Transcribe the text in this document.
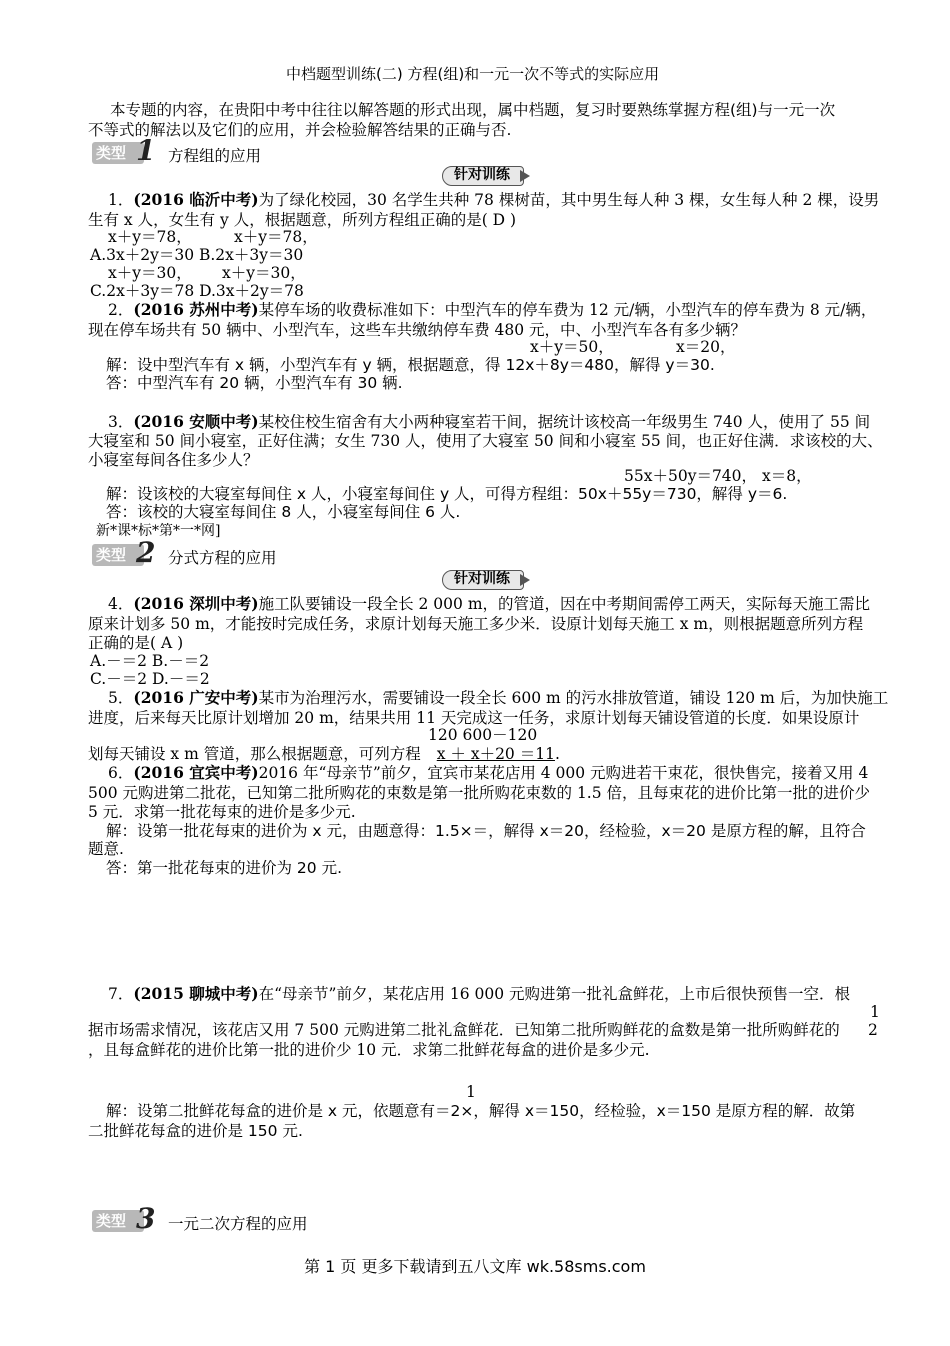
中档题型训练(二) 方程(组)和一元一次不等式的实际应用
本专题的内容，在贵阳中考中往往以解答题的形式出现，属中档题，复习时要熟练掌握方程(组)与一元一次
不等式的解法以及它们的应用，并会检验解答结果的正确与否.
类型 1 方程组的应用
针对训练
1．(2016 临沂中考)为了绿化校园，30 名学生共种 78 棵树苗，其中男生每人种 3 棵，女生每人种 2 棵，设男
生有 x 人，女生有 y 人，根据题意，所列方程组正确的是( D )
x＋y＝78，	x＋y＝78，
A.3x＋2y＝30 B.2x＋3y＝30
x＋y＝30， x＋y＝30，
C.2x＋3y＝78 D.3x＋2y＝78
2．(2016 苏州中考)某停车场的收费标准如下：中型汽车的停车费为 12 元/辆，小型汽车的停车费为 8 元/辆，
现在停车场共有 50 辆中、小型汽车，这些车共缴纳停车费 480 元，中、小型汽车各有多少辆？
x＋y＝50，	x＝20，
解：设中型汽车有 x 辆，小型汽车有 y 辆，根据题意，得 12x＋8y＝480，解得 y＝30.
答：中型汽车有 20 辆，小型汽车有 30 辆.
3．(2016 安顺中考)某校住校生宿舍有大小两种寝室若干间，据统计该校高一年级男生 740 人，使用了 55 间
大寝室和 50 间小寝室，正好住满；女生 730 人，使用了大寝室 50 间和小寝室 55 间，也正好住满．求该校的大、
小寝室每间各住多少人？
55x＋50y＝740， x＝8，
解：设该校的大寝室每间住 x 人，小寝室每间住 y 人，可得方程组：50x＋55y＝730，解得 y＝6.
答：该校的大寝室每间住 8 人，小寝室每间住 6 人.
新*课*标*第*一*网]
类型 2 分式方程的应用
针对训练
4．(2016 深圳中考)施工队要铺设一段全长 2 000 m，的管道，因在中考期间需停工两天，实际每天施工需比
原来计划多 50 m，才能按时完成任务，求原计划每天施工多少米．设原计划每天施工 x m，则根据题意所列方程
正确的是( A )
A.－＝2 B.－＝2
C.－＝2 D.－＝2
5．(2016 广安中考)某市为治理污水，需要铺设一段全长 600 m 的污水排放管道，铺设 120 m 后，为加快施工
进度，后来每天比原计划增加 20 m，结果共用 11 天完成这一任务，求原计划每天铺设管道的长度．如果设原计
120 600－120
划每天铺设 x m 管道，那么根据题意，可列方程 x ＋ x＋20 ＝11.
6．(2016 宜宾中考)2016 年“母亲节”前夕，宜宾市某花店用 4 000 元购进若干束花，很快售完，接着又用 4
500 元购进第二批花，已知第二批所购花的束数是第一批所购花束数的 1.5 倍，且每束花的进价比第一批的进价少
5 元．求第一批花每束的进价是多少元.
解：设第一批花每束的进价为 x 元，由题意得：1.5×＝，解得 x＝20，经检验，x＝20 是原方程的解，且符合
题意.
答：第一批花每束的进价为 20 元.
7．(2015 聊城中考)在“母亲节”前夕，某花店用 16 000 元购进第一批礼盒鲜花，上市后很快预售一空．根
1
据市场需求情况，该花店又用 7 500 元购进第二批礼盒鲜花．已知第二批所购鲜花的盒数是第一批所购鲜花的 2
，且每盒鲜花的进价比第一批的进价少 10 元．求第二批鲜花每盒的进价是多少元.
1
解：设第二批鲜花每盒的进价是 x 元，依题意有＝2×，解得 x＝150，经检验，x＝150 是原方程的解．故第
二批鲜花每盒的进价是 150 元.
类型 3 一元二次方程的应用
第 1 页 更多下载请到五八文库 wk.58sms.com
